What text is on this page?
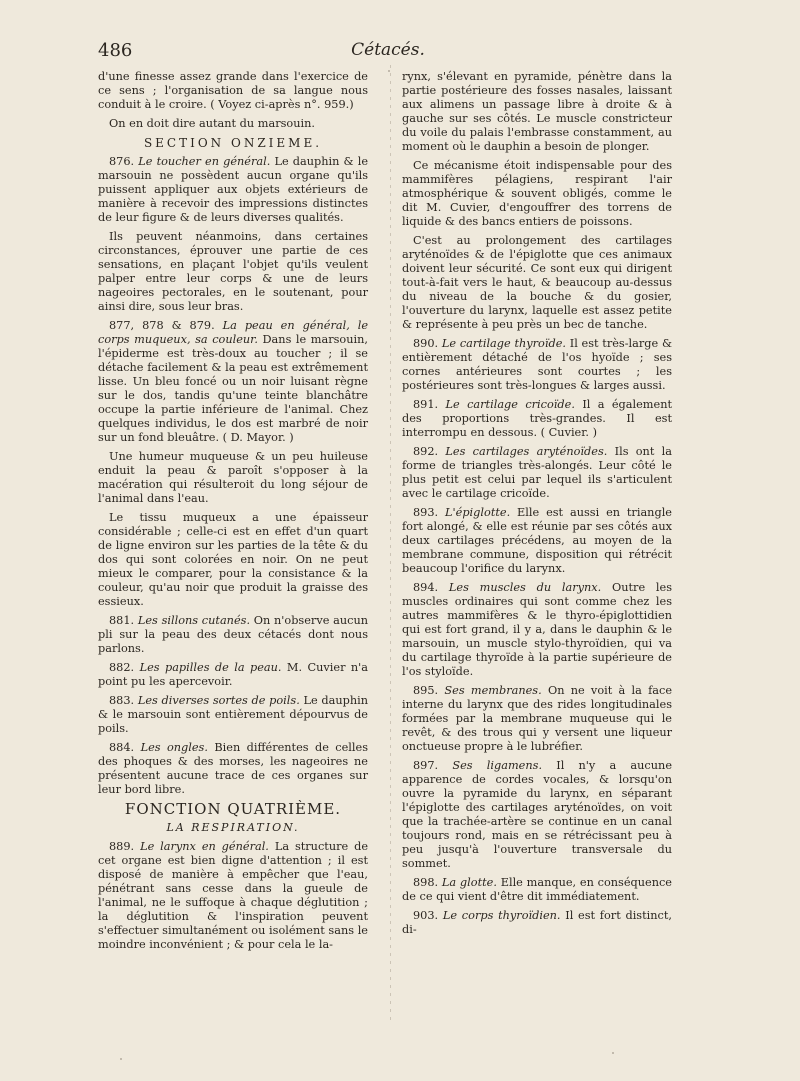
486	Cétacés.

d'une finesse assez grande dans l'exercice de ce sens ; l'organisation de sa langue nous conduit à le croire. ( Voyez ci-après n°. 959.)

On en doit dire autant du marsouin.

SECTION ONZIEME.

876. Le toucher en général. Le dauphin & le marsouin ne possèdent aucun organe qu'ils puissent appliquer aux objets extérieurs de manière à recevoir des impressions distinctes de leur figure & de leurs diverses qualités.

Ils peuvent néanmoins, dans certaines circonstances, éprouver une partie de ces sensations, en plaçant l'objet qu'ils veulent palper entre leur corps & une de leurs nageoires pectorales, en le soutenant, pour ainsi dire, sous leur bras.

877, 878 & 879. La peau en général, le corps muqueux, sa couleur. Dans le marsouin, l'épiderme est très-doux au toucher ; il se détache facilement & la peau est extrêmement lisse. Un bleu foncé ou un noir luisant règne sur le dos, tandis qu'une teinte blanchâtre occupe la partie inférieure de l'animal. Chez quelques individus, le dos est marbré de noir sur un fond bleuâtre. ( D. Mayor. )

Une humeur muqueuse & un peu huileuse enduit la peau & paroît s'opposer à la macération qui résulteroit du long séjour de l'animal dans l'eau.

Le tissu muqueux a une épaisseur considérable ; celle-ci est en effet d'un quart de ligne environ sur les parties de la tête & du dos qui sont colorées en noir. On ne peut mieux le comparer, pour la consistance & la couleur, qu'au noir que produit la graisse des essieux.

881. Les sillons cutanés. On n'observe aucun pli sur la peau des deux cétacés dont nous parlons.

882. Les papilles de la peau. M. Cuvier n'a point pu les apercevoir.

883. Les diverses sortes de poils. Le dauphin & le marsouin sont entièrement dépourvus de poils.

884. Les ongles. Bien différentes de celles des phoques & des morses, les nageoires ne présentent aucune trace de ces organes sur leur bord libre.

FONCTION QUATRIÈME.

LA RESPIRATION.

889. Le larynx en général. La structure de cet organe est bien digne d'attention ; il est disposé de manière à empêcher que l'eau, pénétrant sans cesse dans la gueule de l'animal, ne le suffoque à chaque déglutition ; la déglutition & l'inspiration peuvent s'effectuer simultanément ou isolément sans le moindre inconvénient ; & pour cela le la-

rynx, s'élevant en pyramide, pénètre dans la partie postérieure des fosses nasales, laissant aux alimens un passage libre à droite & à gauche sur ses côtés. Le muscle constricteur du voile du palais l'embrasse constamment, au moment où le dauphin a besoin de plonger.

Ce mécanisme étoit indispensable pour des mammifères pélagiens, respirant l'air atmosphérique & souvent obligés, comme le dit M. Cuvier, d'engouffrer des torrens de liquide & des bancs entiers de poissons.

C'est au prolongement des cartilages aryténoïdes & de l'épiglotte que ces animaux doivent leur sécurité. Ce sont eux qui dirigent tout-à-fait vers le haut, & beaucoup au-dessus du niveau de la bouche & du gosier, l'ouverture du larynx, laquelle est assez petite & représente à peu près un bec de tanche.

890. Le cartilage thyroïde. Il est très-large & entièrement détaché de l'os hyoïde ; ses cornes antérieures sont courtes ; les postérieures sont très-longues & larges aussi.

891. Le cartilage cricoïde. Il a également des proportions très-grandes. Il est interrompu en dessous. ( Cuvier. )

892. Les cartilages aryténoïdes. Ils ont la forme de triangles très-alongés. Leur côté le plus petit est celui par lequel ils s'articulent avec le cartilage cricoïde.

893. L'épiglotte. Elle est aussi en triangle fort alongé, & elle est réunie par ses côtés aux deux cartilages précédens, au moyen de la membrane commune, disposition qui rétrécit beaucoup l'orifice du larynx.

894. Les muscles du larynx. Outre les muscles ordinaires qui sont comme chez les autres mammifères & le thyro-épiglottidien qui est fort grand, il y a, dans le dauphin & le marsouin, un muscle stylo-thyroïdien, qui va du cartilage thyroïde à la partie supérieure de l'os styloïde.

895. Ses membranes. On ne voit à la face interne du larynx que des rides longitudinales formées par la membrane muqueuse qui le revêt, & des trous qui y versent une liqueur onctueuse propre à le lubréfier.

897. Ses ligamens. Il n'y a aucune apparence de cordes vocales, & lorsqu'on ouvre la pyramide du larynx, en séparant l'épiglotte des cartilages aryténoïdes, on voit que la trachée-artère se continue en un canal toujours rond, mais en se rétrécissant peu à peu jusqu'à l'ouverture transversale du sommet.

898. La glotte. Elle manque, en conséquence de ce qui vient d'être dit immédiatement.

903. Le corps thyroïdien. Il est fort distinct, di-
